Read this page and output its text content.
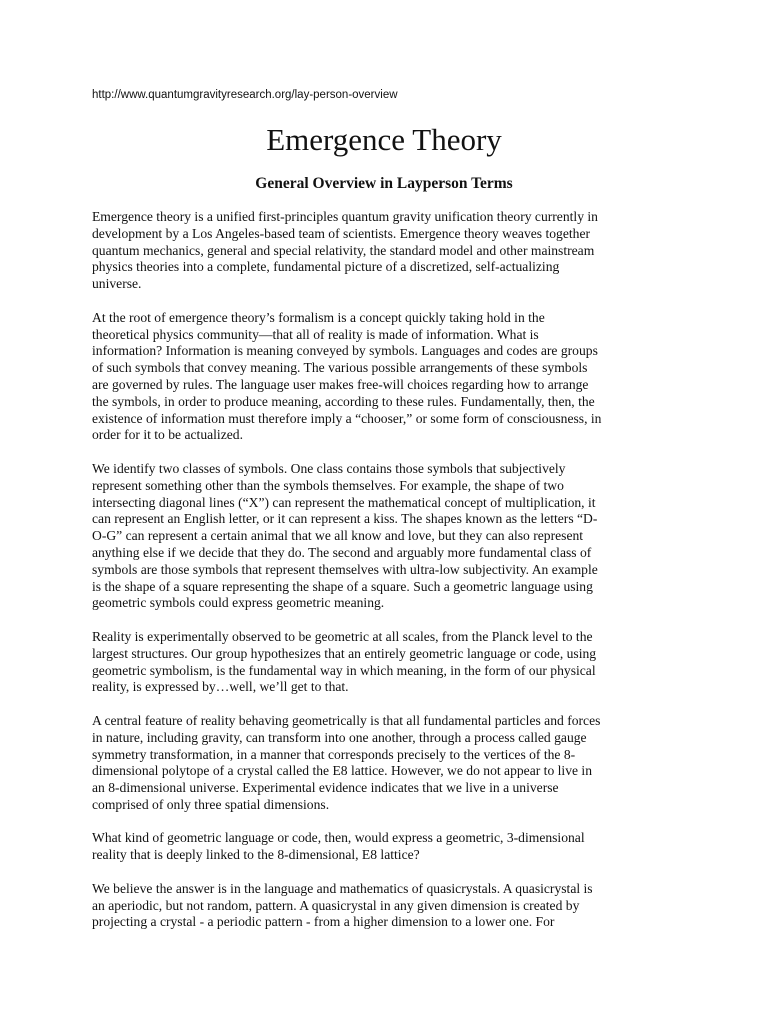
http://www.quantumgravityresearch.org/lay-person-overview
Emergence Theory
General Overview in Layperson Terms
Emergence theory is a unified first-principles quantum gravity unification theory currently in
development by a Los Angeles-based team of scientists. Emergence theory weaves together
quantum mechanics, general and special relativity, the standard model and other mainstream
physics theories into a complete, fundamental picture of a discretized, self-actualizing
universe.
At the root of emergence theory’s formalism is a concept quickly taking hold in the
theoretical physics community—that all of reality is made of information. What is
information? Information is meaning conveyed by symbols. Languages and codes are groups
of such symbols that convey meaning. The various possible arrangements of these symbols
are governed by rules. The language user makes free-will choices regarding how to arrange
the symbols, in order to produce meaning, according to these rules. Fundamentally, then, the
existence of information must therefore imply a “chooser,” or some form of consciousness, in
order for it to be actualized.
We identify two classes of symbols. One class contains those symbols that subjectively
represent something other than the symbols themselves. For example, the shape of two
intersecting diagonal lines (“X”) can represent the mathematical concept of multiplication, it
can represent an English letter, or it can represent a kiss. The shapes known as the letters “D-
O-G” can represent a certain animal that we all know and love, but they can also represent
anything else if we decide that they do. The second and arguably more fundamental class of
symbols are those symbols that represent themselves with ultra-low subjectivity. An example
is the shape of a square representing the shape of a square. Such a geometric language using
geometric symbols could express geometric meaning.
Reality is experimentally observed to be geometric at all scales, from the Planck level to the
largest structures. Our group hypothesizes that an entirely geometric language or code, using
geometric symbolism, is the fundamental way in which meaning, in the form of our physical
reality, is expressed by…well, we’ll get to that.
A central feature of reality behaving geometrically is that all fundamental particles and forces
in nature, including gravity, can transform into one another, through a process called gauge
symmetry transformation, in a manner that corresponds precisely to the vertices of the 8-
dimensional polytope of a crystal called the E8 lattice. However, we do not appear to live in
an 8-dimensional universe. Experimental evidence indicates that we live in a universe
comprised of only three spatial dimensions.
What kind of geometric language or code, then, would express a geometric, 3-dimensional
reality that is deeply linked to the 8-dimensional, E8 lattice?
We believe the answer is in the language and mathematics of quasicrystals. A quasicrystal is
an aperiodic, but not random, pattern. A quasicrystal in any given dimension is created by
projecting a crystal - a periodic pattern - from a higher dimension to a lower one. For
